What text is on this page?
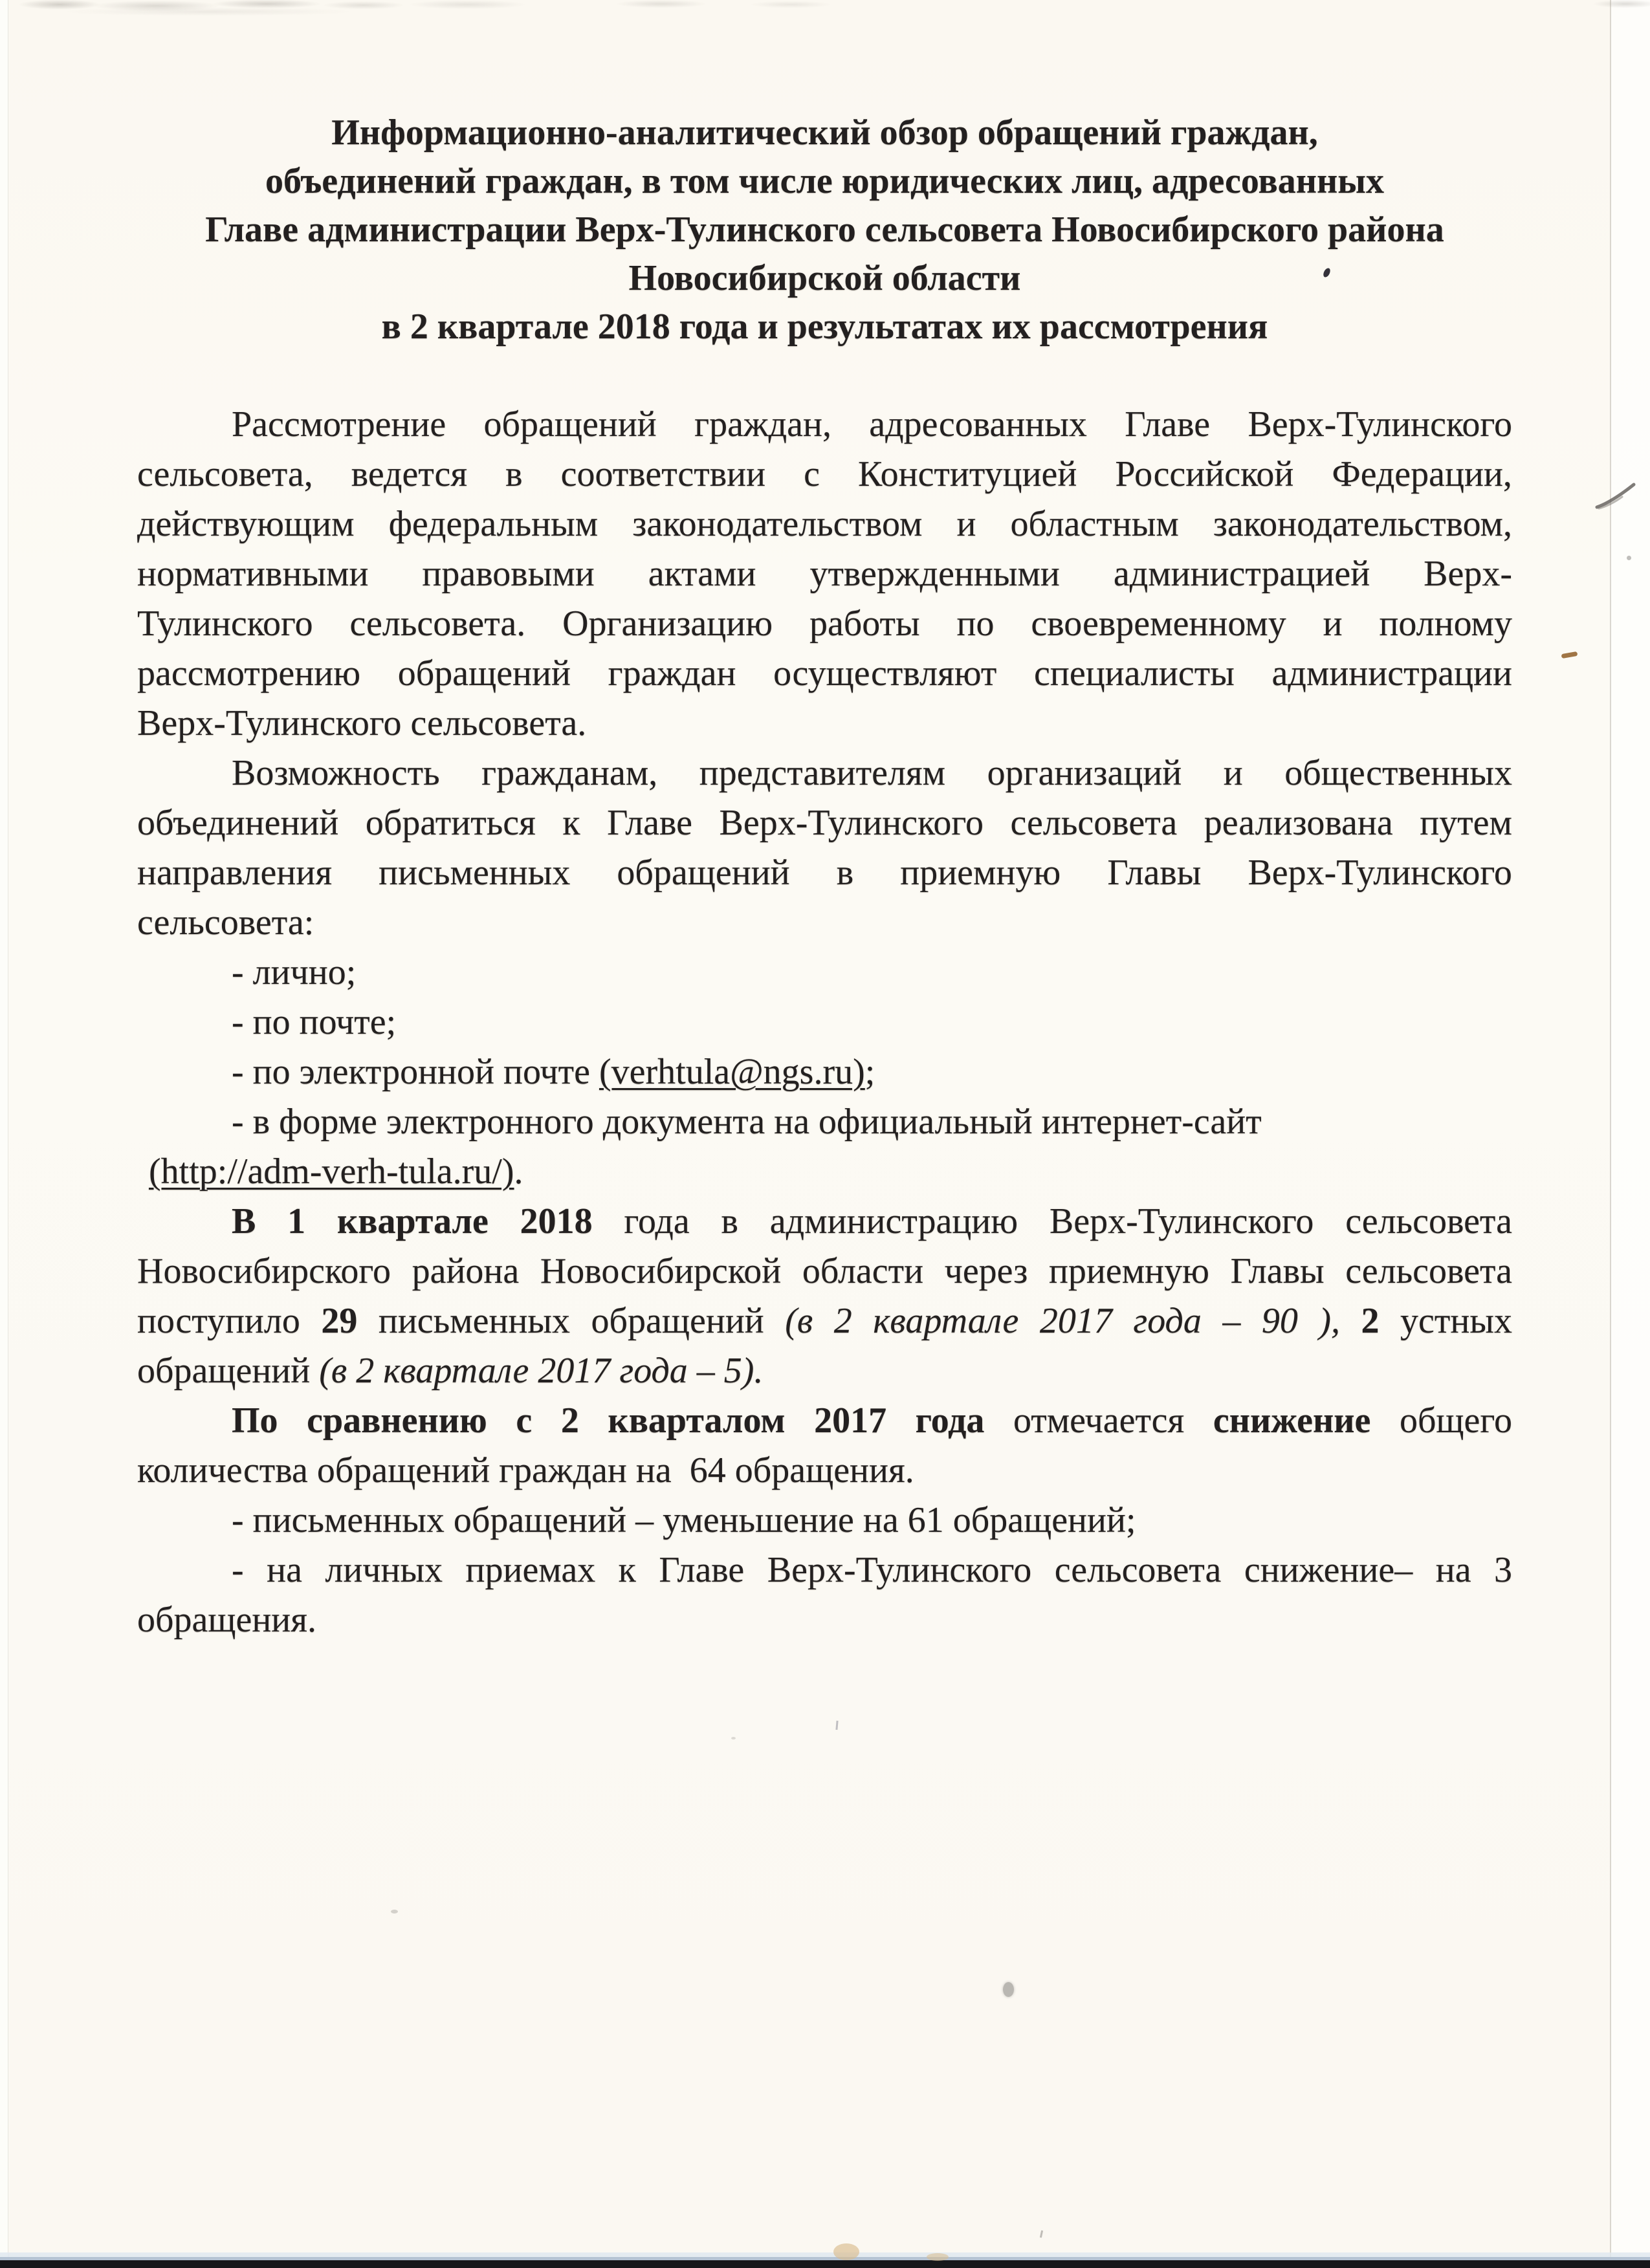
Информационно-аналитический обзор обращений граждан,
объединений граждан, в том числе юридических лиц, адресованных
Главе администрации Верх-Тулинского сельсовета Новосибирского района
Новосибирской области
в 2 квартале 2018 года и результатах их рассмотрения
Рассмотрение обращений граждан, адресованных Главе Верх-Тулинского
сельсовета, ведется в соответствии с Конституцией Российской Федерации,
действующим федеральным законодательством и областным законодательством,
нормативными правовыми актами утвержденными администрацией Верх-
Тулинского сельсовета. Организацию работы по своевременному и полному
рассмотрению обращений граждан осуществляют специалисты администрации
Верх-Тулинского сельсовета.
Возможность гражданам, представителям организаций и общественных
объединений обратиться к Главе Верх-Тулинского сельсовета реализована путем
направления письменных обращений в приемную Главы Верх-Тулинского
сельсовета:
- лично;
- по почте;
- по электронной почте (verhtula@ngs.ru);
- в форме электронного документа на официальный интернет-сайт
(http://adm-verh-tula.ru/).
В 1 квартале 2018 года в администрацию Верх-Тулинского сельсовета
Новосибирского района Новосибирской области через приемную Главы сельсовета
поступило 29 письменных обращений (в 2 квартале 2017 года – 90 ), 2 устных
обращений (в 2 квартале 2017 года – 5).
По сравнению с 2 кварталом 2017 года отмечается снижение общего
количества обращений граждан на  64 обращения.
- письменных обращений – уменьшение на 61 обращений;
- на личных приемах к Главе Верх-Тулинского сельсовета снижение– на 3
обращения.
